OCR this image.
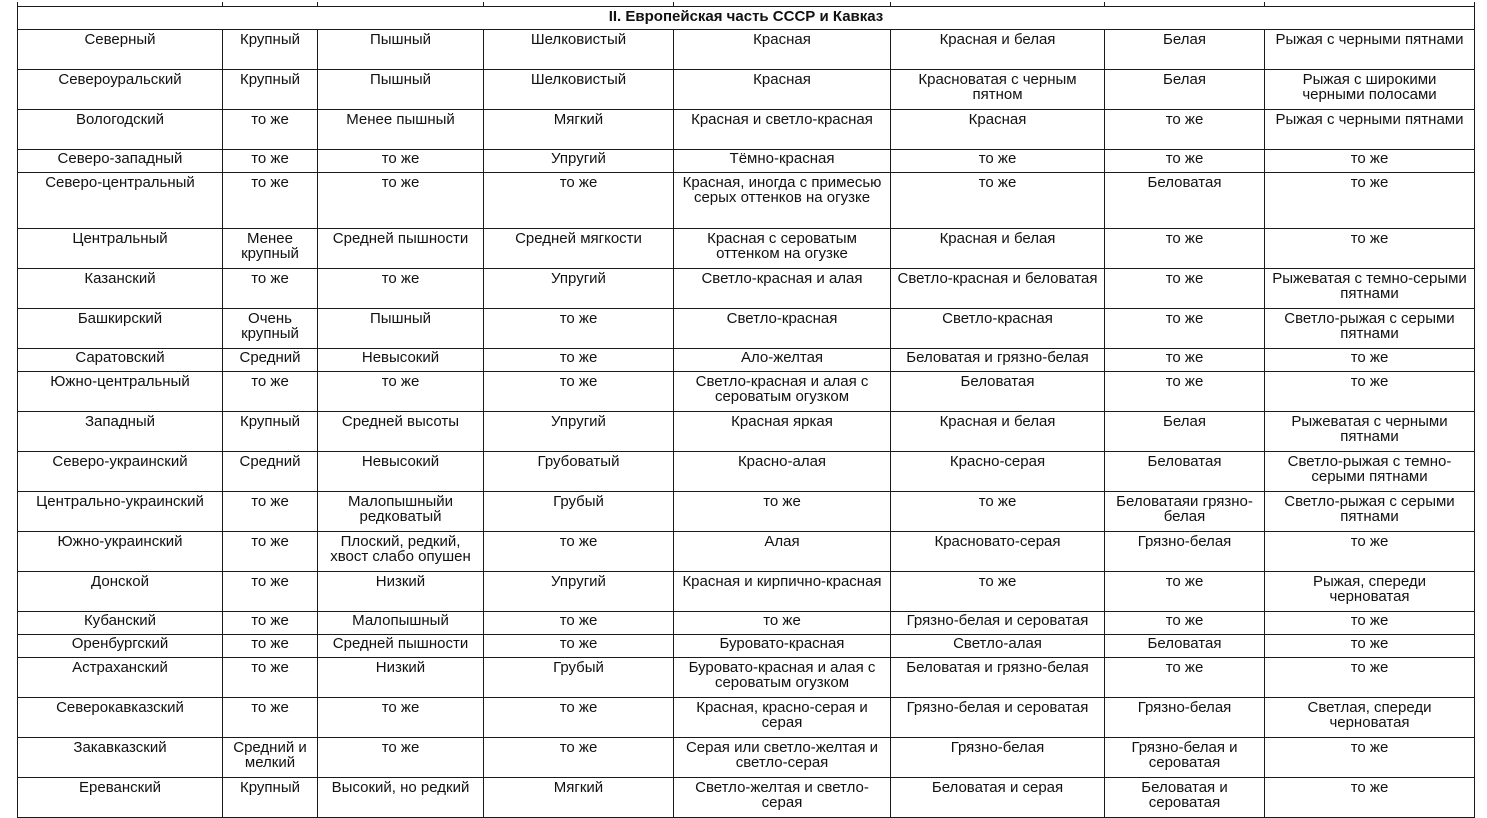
II. Европейская часть СССР и Кавказ							
Северный	Крупный	Пышный	Шелковистый	Красная	Красная и белая	Белая	Рыжая с черными пятнами
Североуральский	Крупный	Пышный	Шелковистый	Красная	Красноватая с черным пятном	Белая	Рыжая с широкими черными полосами
Вологодский	то же	Менее пышный	Мягкий	Красная и светло-красная	Красная	то же	Рыжая с черными пятнами
Северо-западный	то же	то же	Упругий	Тёмно-красная	то же	то же	то же
Северо-центральный	то же	то же	то же	Красная, иногда с примесью серых оттенков на огузке	то же	Беловатая	то же
Центральный	Менее крупный	Средней пышности	Средней мягкости	Красная с сероватым оттенком на огузке	Красная и белая	то же	то же
Казанский	то же	то же	Упругий	Светло-красная и алая	Светло-красная и беловатая	то же	Рыжеватая с темно-серыми пятнами
Башкирский	Очень крупный	Пышный	то же	Светло-красная	Светло-красная	то же	Светло-рыжая с серыми пятнами
Саратовский	Средний	Невысокий	то же	Ало-желтая	Беловатая и грязно-белая	то же	то же
Южно-центральный	то же	то же	то же	Светло-красная и алая с сероватым огузком	Беловатая	то же	то же
Западный	Крупный	Средней высоты	Упругий	Красная яркая	Красная и белая	Белая	Рыжеватая с черными пятнами
Северо-украинский	Средний	Невысокий	Грубоватый	Красно-алая	Красно-серая	Беловатая	Светло-рыжая с темно-серыми пятнами
Центрально-украинский	то же	Малопышныйи редковатый	Грубый	то же	то же	Беловатаяи грязно-белая	Светло-рыжая с серыми пятнами
Южно-украинский	то же	Плоский, редкий, хвост слабо опушен	то же	Алая	Красновато-серая	Грязно-белая	то же
Донской	то же	Низкий	Упругий	Красная и кирпично-красная	то же	то же	Рыжая, спереди черноватая
Кубанский	то же	Малопышный	то же	то же	Грязно-белая и сероватая	то же	то же
Оренбургский	то же	Средней пышности	то же	Буровато-красная	Светло-алая	Беловатая	то же
Астраханский	то же	Низкий	Грубый	Буровато-красная и алая с сероватым огузком	Беловатая и грязно-белая	то же	то же
Северокавказский	то же	то же	то же	Красная, красно-серая и серая	Грязно-белая и сероватая	Грязно-белая	Светлая, спереди черноватая
Закавказский	Средний и мелкий	то же	то же	Серая или светло-желтая и светло-серая	Грязно-белая	Грязно-белая и сероватая	то же
Ереванский	Крупный	Высокий, но редкий	Мягкий	Светло-желтая и светло-серая	Беловатая и серая	Беловатая и сероватая	то же
